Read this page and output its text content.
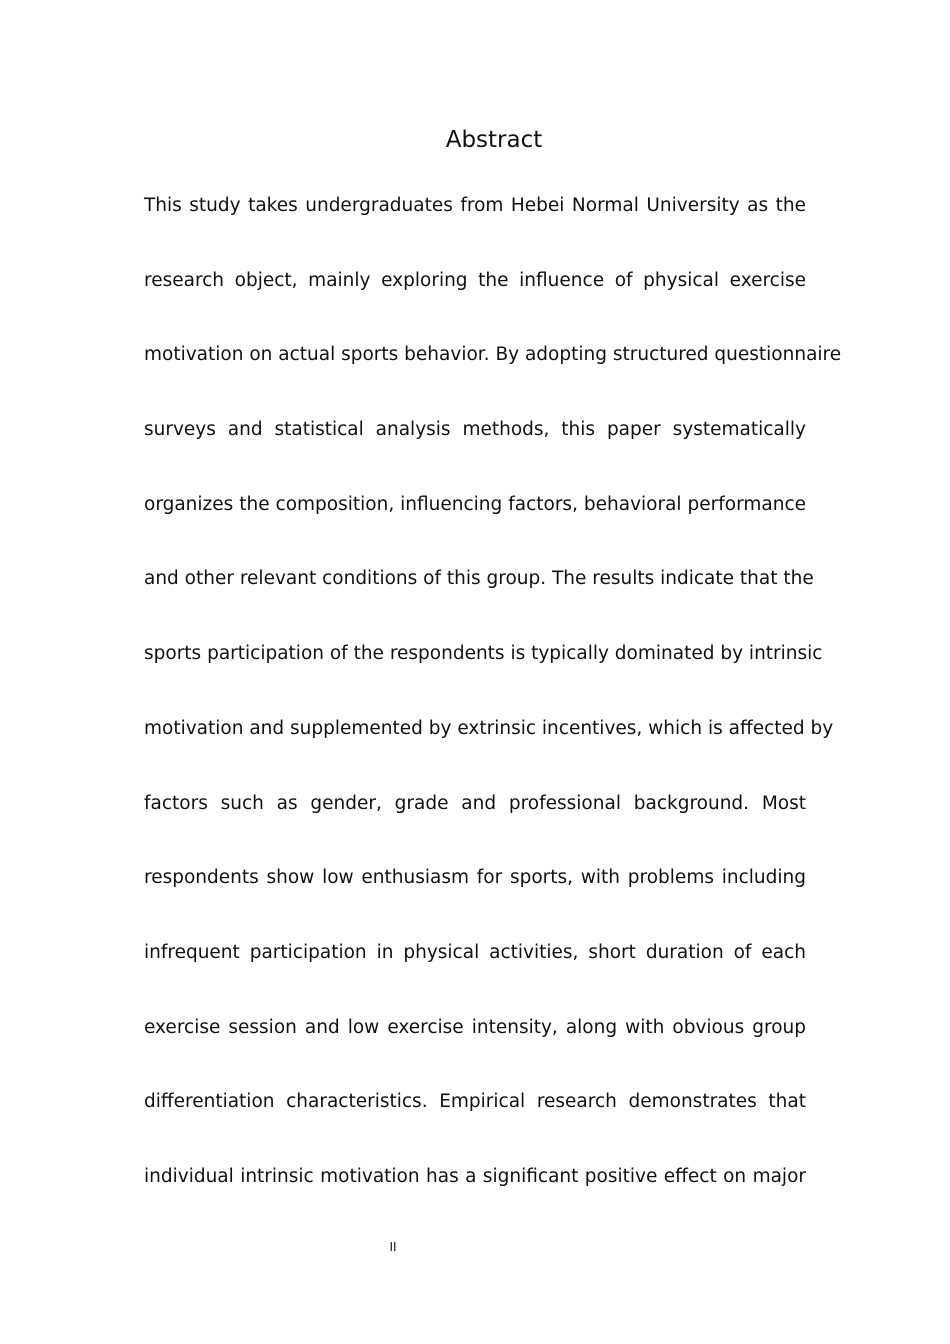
Abstract
This study takes undergraduates from Hebei Normal University as the
research object, mainly exploring the influence of physical exercise
motivation on actual sports behavior. By adopting structured questionnaire
surveys and statistical analysis methods, this paper systematically
organizes the composition, influencing factors, behavioral performance
and other relevant conditions of this group. The results indicate that the
sports participation of the respondents is typically dominated by intrinsic
motivation and supplemented by extrinsic incentives, which is affected by
factors such as gender, grade and professional background. Most
respondents show low enthusiasm for sports, with problems including
infrequent participation in physical activities, short duration of each
exercise session and low exercise intensity, along with obvious group
differentiation characteristics. Empirical research demonstrates that
individual intrinsic motivation has a significant positive effect on major
II
